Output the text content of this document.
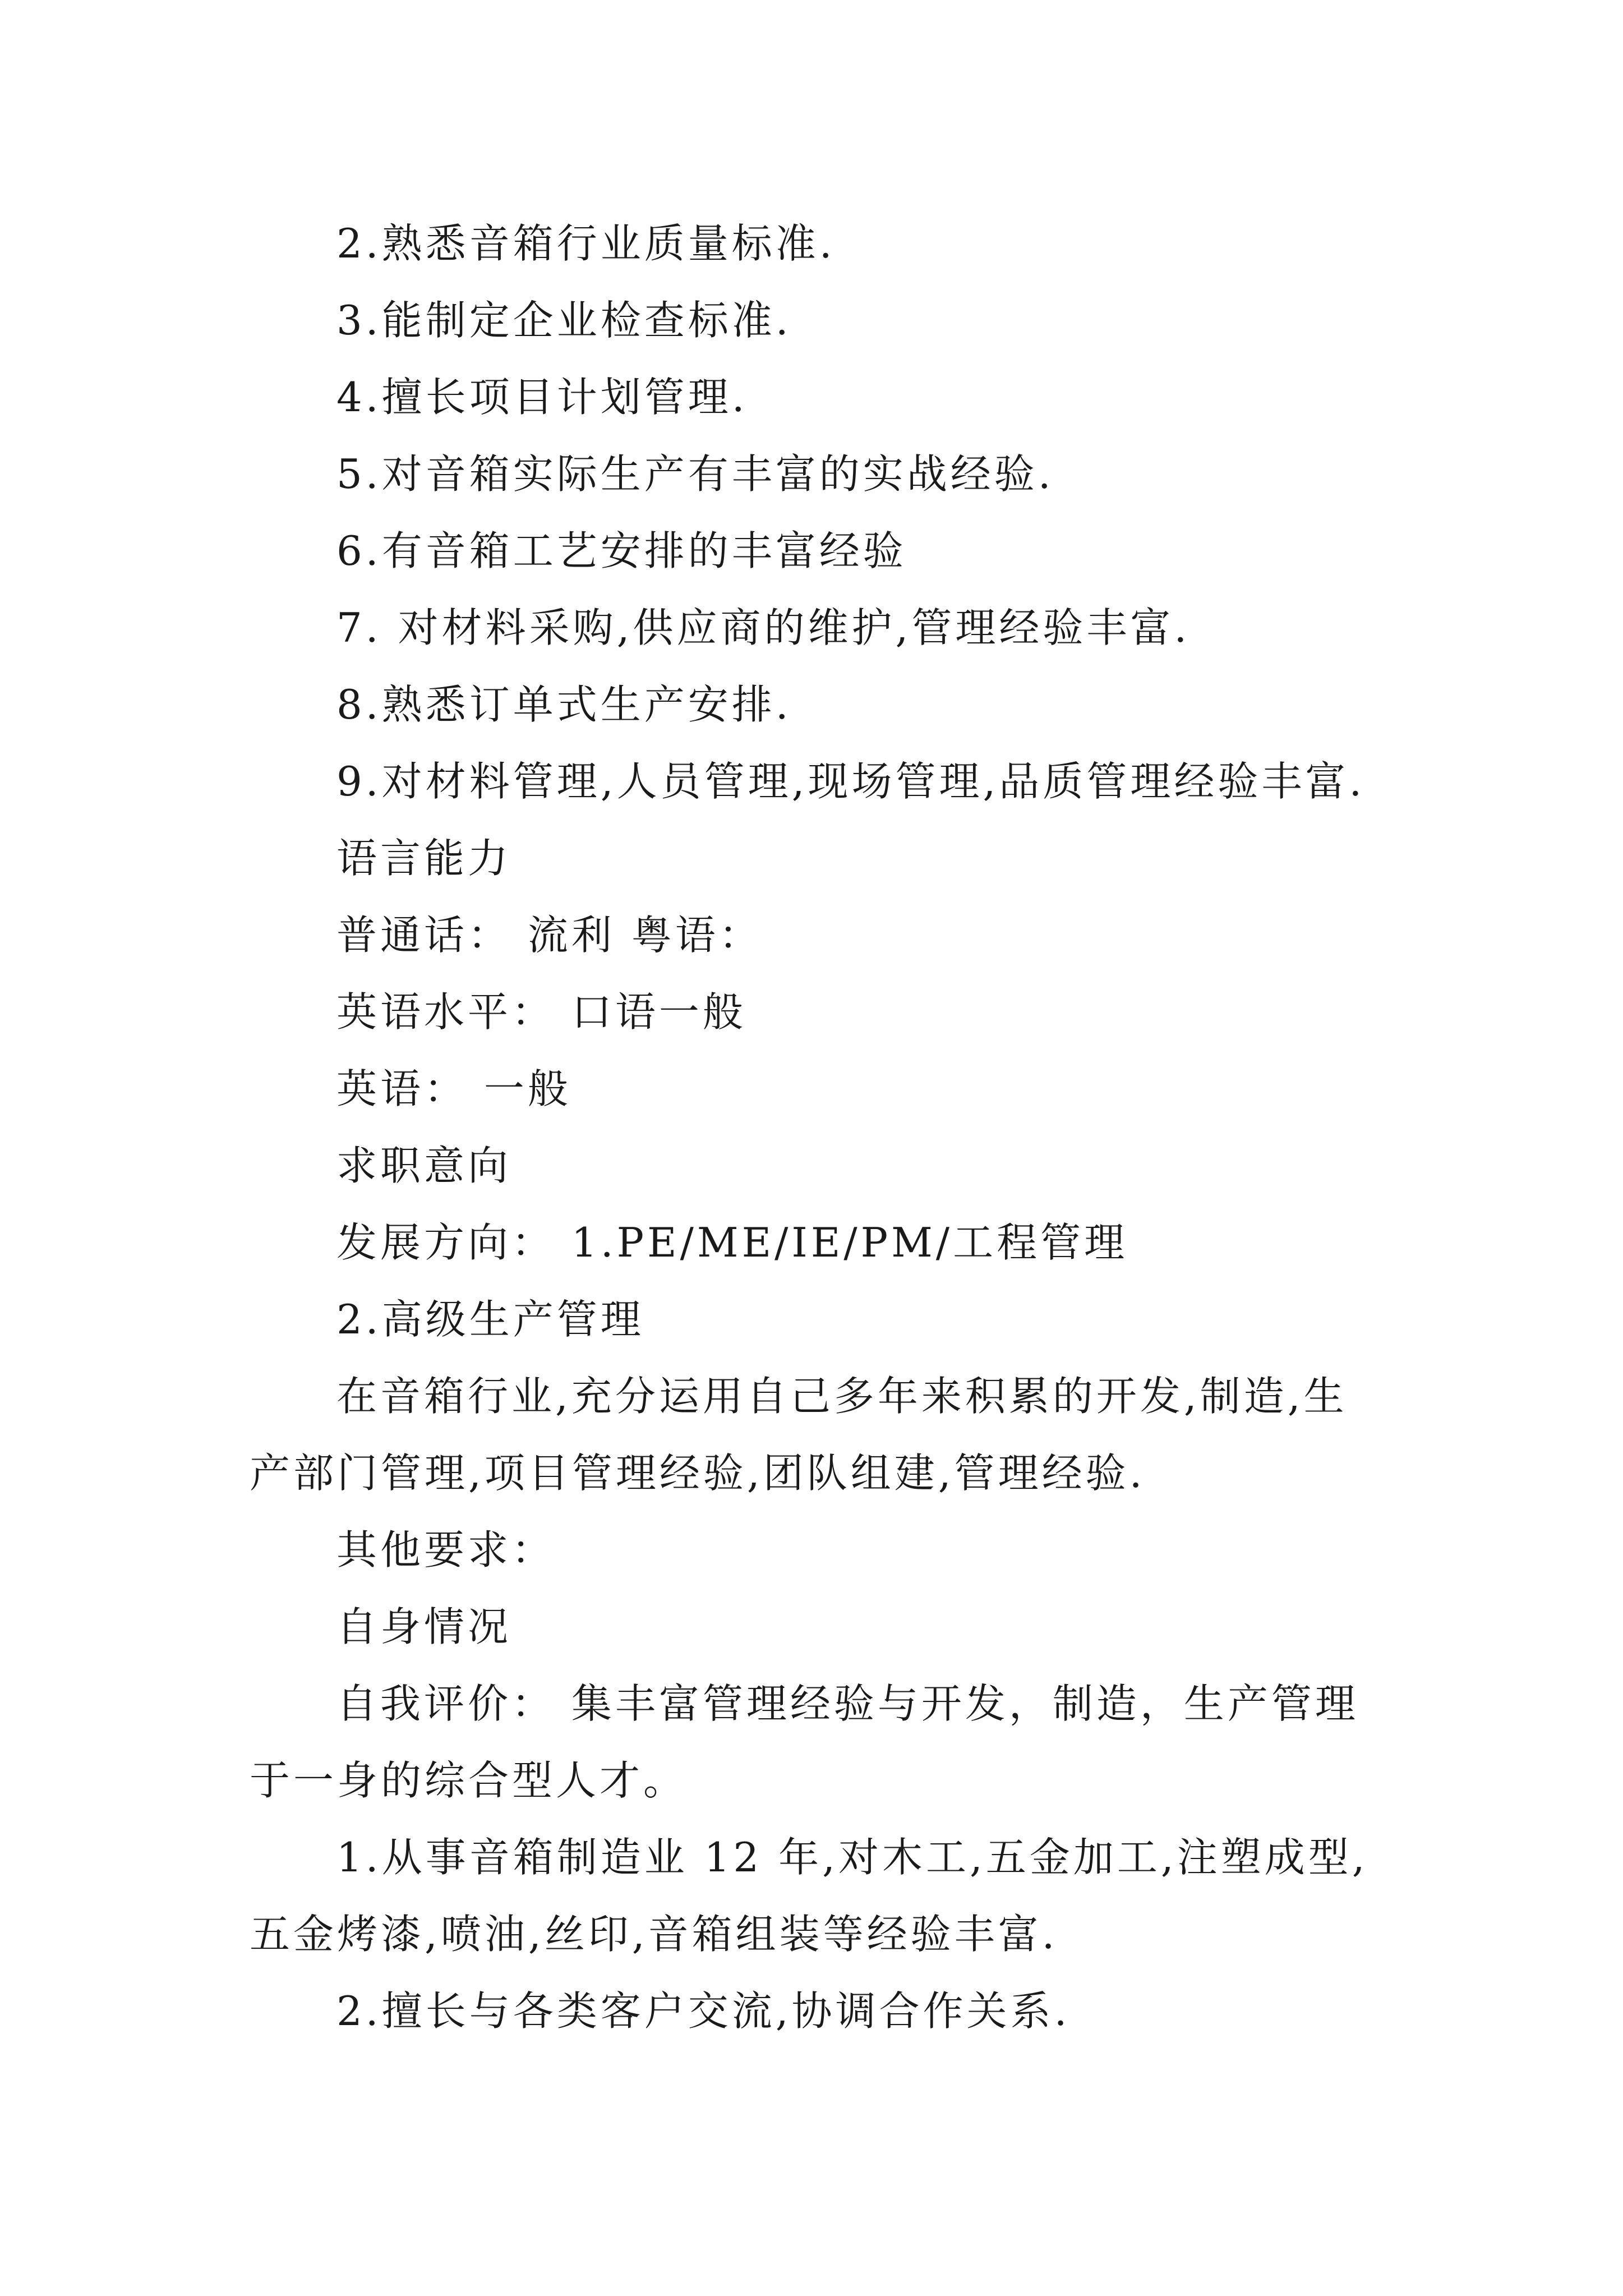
2.熟悉音箱行业质量标准.
3.能制定企业检查标准.
4.擅长项目计划管理.
5.对音箱实际生产有丰富的实战经验.
6.有音箱工艺安排的丰富经验
7. 对材料采购,供应商的维护,管理经验丰富.
8.熟悉订单式生产安排.
9.对材料管理,人员管理,现场管理,品质管理经验丰富.
语言能力
普通话： 流利 粤语：
英语水平： 口语一般
英语： 一般
求职意向
发展方向： 1.PE/ME/IE/PM/工程管理
2.高级生产管理
在音箱行业,充分运用自己多年来积累的开发,制造,生产部门管理,项目管理经验,团队组建,管理经验.
其他要求：
自身情况
自我评价： 集丰富管理经验与开发，制造，生产管理于一身的综合型人才。
1.从事音箱制造业 12 年,对木工,五金加工,注塑成型,五金烤漆,喷油,丝印,音箱组装等经验丰富.
2.擅长与各类客户交流,协调合作关系.
